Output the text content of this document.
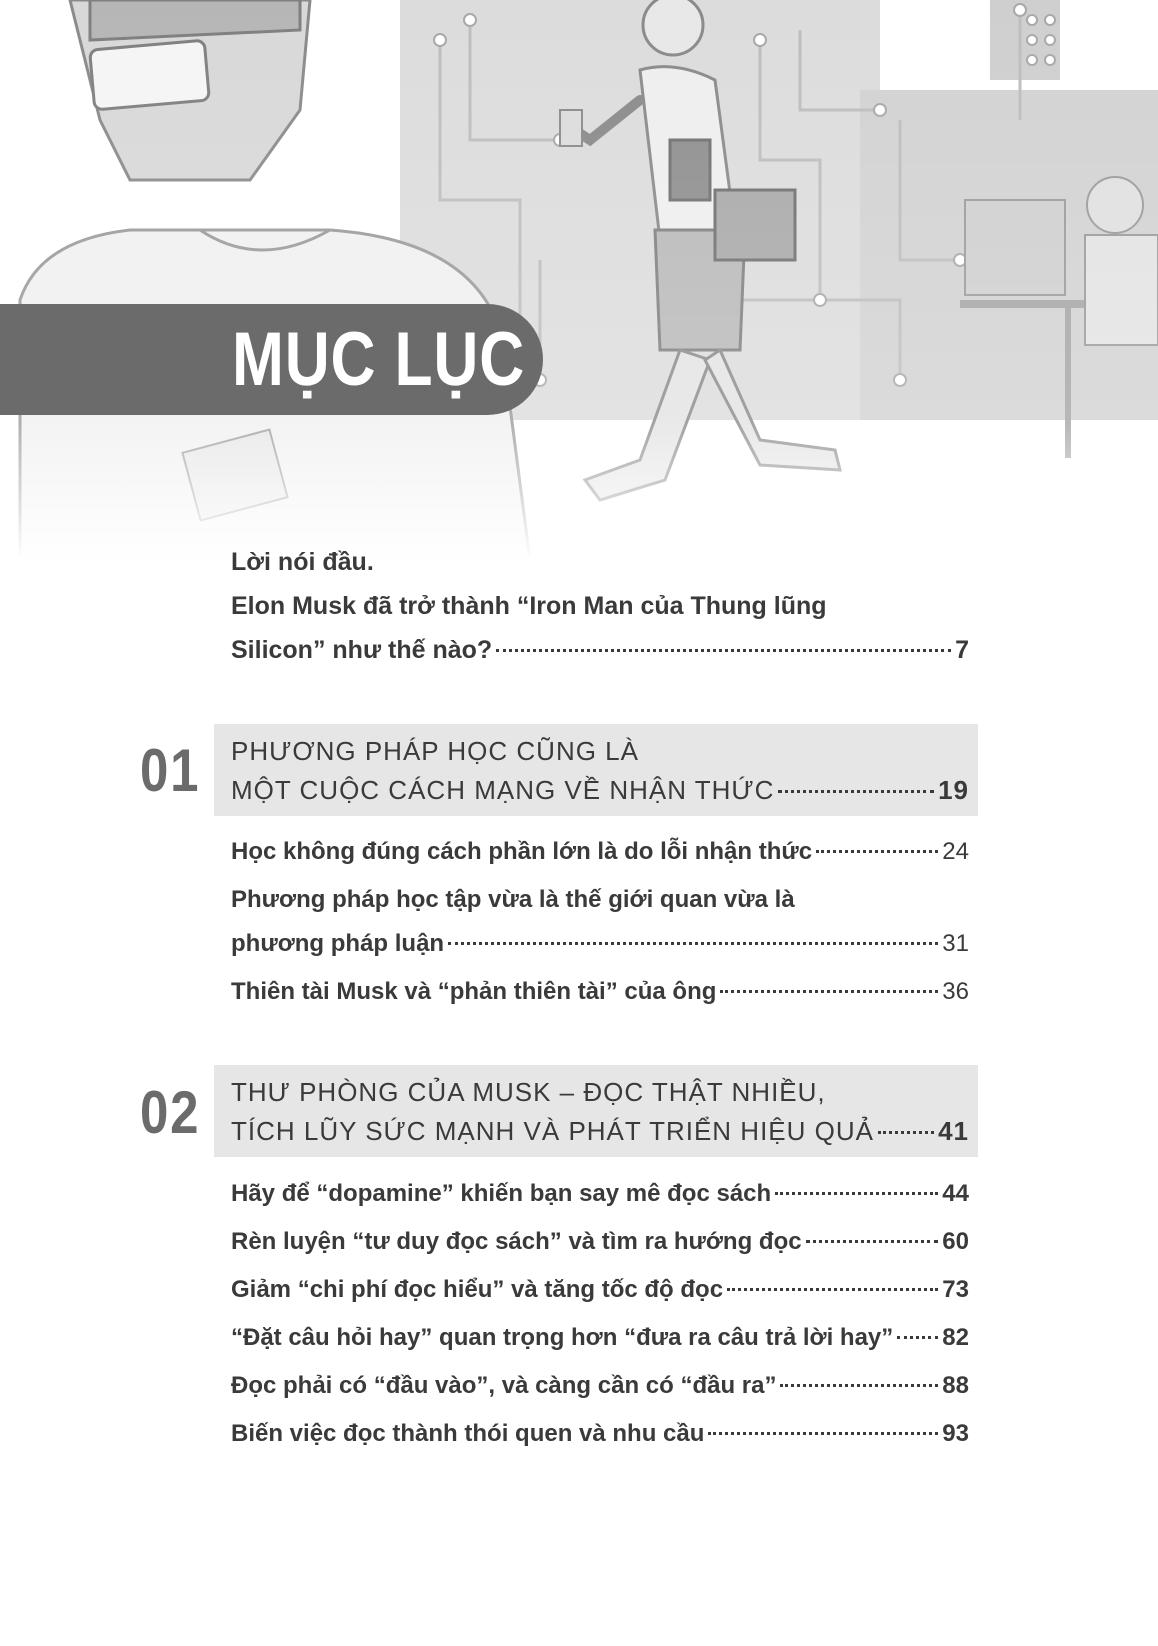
MỤC LỤC
Lời nói đầu.
Elon Musk đã trở thành “Iron Man của Thung lũng
Silicon” như thế nào?	7
01 PHƯƠNG PHÁP HỌC CŨNG LÀ
MỘT CUỘC CÁCH MẠNG VỀ NHẬN THỨC	19
Học không đúng cách phần lớn là do lỗi nhận thức	24
Phương pháp học tập vừa là thế giới quan vừa là
phương pháp luận	31
Thiên tài Musk và “phản thiên tài” của ông	36
02 THƯ PHÒNG CỦA MUSK – ĐỌC THẬT NHIỀU,
TÍCH LŨY SỨC MẠNH VÀ PHÁT TRIỂN HIỆU QUẢ 41
Hãy để “dopamine” khiến bạn say mê đọc sách	44
Rèn luyện “tư duy đọc sách” và tìm ra hướng đọc	60
Giảm “chi phí đọc hiểu” và tăng tốc độ đọc	73
“Đặt câu hỏi hay” quan trọng hơn “đưa ra câu trả lời hay” 82
Đọc phải có “đầu vào”, và càng cần có “đầu ra”	88
Biến việc đọc thành thói quen và nhu cầu	93
